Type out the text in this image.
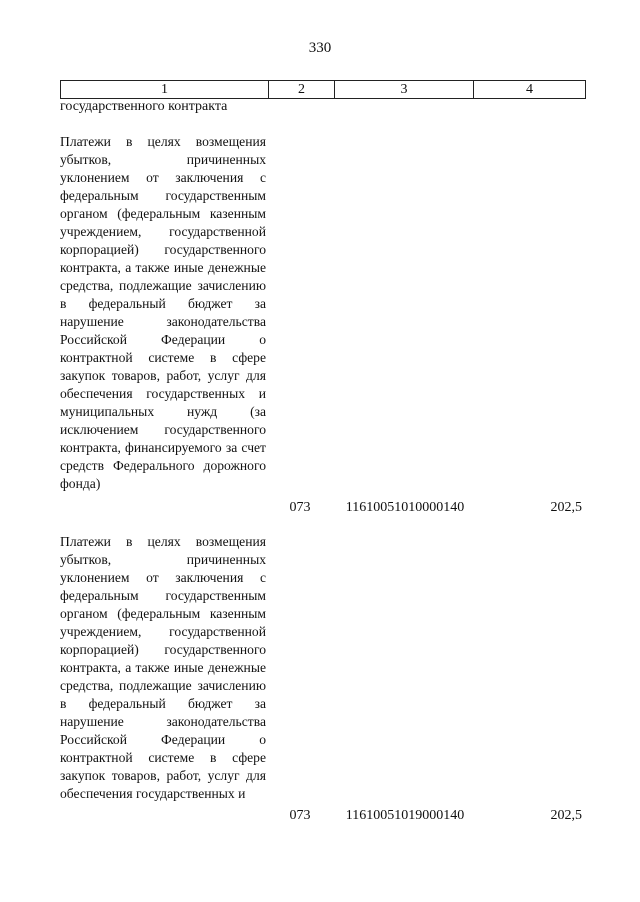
330
1	2	3	4
государственного контракта

Платежи в целях возмещения убытков, причиненных уклонением от заключения с федеральным государственным органом (федеральным казенным учреждением, государственной корпорацией) государственного контракта, а также иные денежные средства, подлежащие зачислению в федеральный бюджет за нарушение законодательства Российской Федерации о контрактной системе в сфере закупок товаров, работ, услуг для обеспечения государственных и муниципальных нужд (за исключением государственного контракта, финансируемого за счет средств Федерального дорожного фонда)

073	11610051010000140	202,5

Платежи в целях возмещения убытков, причиненных уклонением от заключения с федеральным государственным органом (федеральным казенным учреждением, государственной корпорацией) государственного контракта, а также иные денежные средства, подлежащие зачислению в федеральный бюджет за нарушение законодательства Российской Федерации о контрактной системе в сфере закупок товаров, работ, услуг для обеспечения государственных и

073	11610051019000140	202,5
